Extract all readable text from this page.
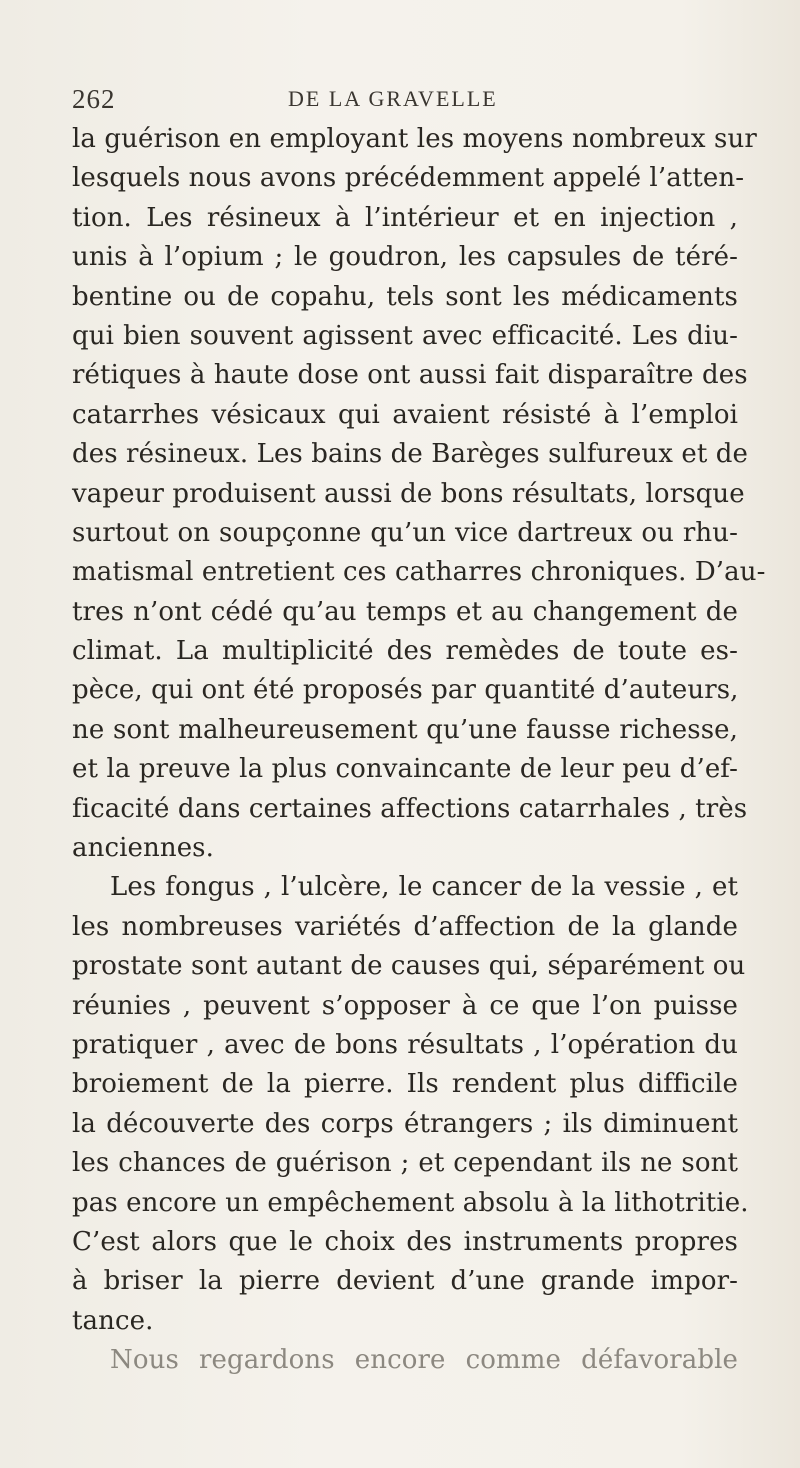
262	DE LA GRAVELLE
la guérison en employant les moyens nombreux sur
lesquels nous avons précédemment appelé l’atten-
tion. Les résineux à l’intérieur et en injection ,
unis à l’opium ; le goudron, les capsules de téré-
bentine ou de copahu, tels sont les médicaments
qui bien souvent agissent avec efficacité. Les diu-
rétiques à haute dose ont aussi fait disparaître des
catarrhes vésicaux qui avaient résisté à l’emploi
des résineux. Les bains de Barèges sulfureux et de
vapeur produisent aussi de bons résultats, lorsque
surtout on soupçonne qu’un vice dartreux ou rhu-
matismal entretient ces catharres chroniques. D’au-
tres n’ont cédé qu’au temps et au changement de
climat. La multiplicité des remèdes de toute es-
pèce, qui ont été proposés par quantité d’auteurs,
ne sont malheureusement qu’une fausse richesse,
et la preuve la plus convaincante de leur peu d’ef-
ficacité dans certaines affections catarrhales , très
anciennes.
Les fongus , l’ulcère, le cancer de la vessie , et
les nombreuses variétés d’affection de la glande
prostate sont autant de causes qui, séparément ou
réunies , peuvent s’opposer à ce que l’on puisse
pratiquer , avec de bons résultats , l’opération du
broiement de la pierre. Ils rendent plus difficile
la découverte des corps étrangers ; ils diminuent
les chances de guérison ; et cependant ils ne sont
pas encore un empêchement absolu à la lithotritie.
C’est alors que le choix des instruments propres
à briser la pierre devient d’une grande impor-
tance.
Nous regardons encore comme défavorable
